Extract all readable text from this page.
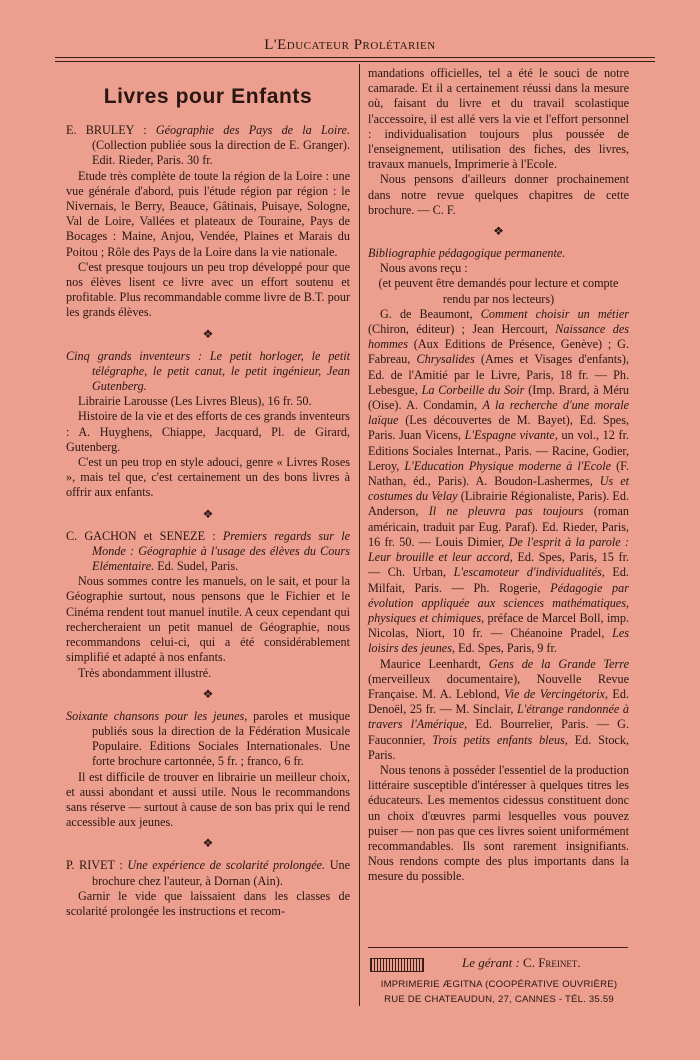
L'Educateur Prolétarien
Livres pour Enfants
E. BRULEY : Géographie des Pays de la Loire. (Collection publiée sous la direction de E. Granger). Edit. Rieder, Paris. 30 fr.

Etude très complète de toute la région de la Loire : une vue générale d'abord, puis l'étude région par région : le Nivernais, le Berry, Beauce, Gâtinais, Puisaye, Sologne, Val de Loire, Vallées et plateaux de Touraine, Pays de Bocages : Maine, Anjou, Vendée, Plaines et Marais du Poitou ; Rôle des Pays de la Loire dans la vie nationale.

C'est presque toujours un peu trop développé pour que nos élèves lisent ce livre avec un effort soutenu et profitable. Plus recommandable comme livre de B.T. pour les grands élèves.

❖
Cinq grands inventeurs : Le petit horloger, le petit télégraphe, le petit canut, le petit ingénieur, Jean Gutenberg.

Librairie Larousse (Les Livres Bleus), 16 fr. 50.

Histoire de la vie et des efforts de ces grands inventeurs : A. Huyghens, Chiappe, Jacquard, Pl. de Girard, Gutenberg.

C'est un peu trop en style adouci, genre « Livres Roses », mais tel que, c'est certainement un des bons livres à offrir aux enfants.

❖
C. GACHON et SENEZE : Premiers regards sur le Monde : Géographie à l'usage des élèves du Cours Elémentaire. Ed. Sudel, Paris.

Nous sommes contre les manuels, on le sait, et pour la Géographie surtout, nous pensons que le Fichier et le Cinéma rendent tout manuel inutile. A ceux cependant qui rechercheraient un petit manuel de Géographie, nous recommandons celui-ci, qui a été considérablement simplifié et adapté à nos enfants.

Très abondamment illustré.

❖
Soixante chansons pour les jeunes, paroles et musique publiés sous la direction de la Fédération Musicale Populaire. Editions Sociales Internationales. Une forte brochure cartonnée, 5 fr. ; franco, 6 fr.

Il est difficile de trouver en librairie un meilleur choix, et aussi abondant et aussi utile. Nous le recommandons sans réserve — surtout à cause de son bas prix qui le rend accessible aux jeunes.

❖
P. RIVET : Une expérience de scolarité prolongée. Une brochure chez l'auteur, à Dornan (Ain).

Garnir le vide que laissaient dans les classes de scolarité prolongée les instructions et recom-

mandations officielles, tel a été le souci de notre camarade. Et il a certainement réussi dans la mesure où, faisant du livre et du travail scolastique l'accessoire, il est allé vers la vie et l'effort personnel : individualisation toujours plus poussée de l'enseignement, utilisation des fiches, des livres, travaux manuels, Imprimerie à l'Ecole.

Nous pensons d'ailleurs donner prochainement dans notre revue quelques chapitres de cette brochure. — C. F.

❖
Bibliographie pédagogique permanente.

Nous avons reçu :

(et peuvent être demandés pour lecture et compte rendu par nos lecteurs)

G. de Beaumont, Comment choisir un métier (Chiron, éditeur) ; Jean Hercourt, Naissance des hommes (Aux Editions de Présence, Genève) ; G. Fabreau, Chrysalides (Ames et Visages d'enfants), Ed. de l'Amitié par le Livre, Paris, 18 fr. — Ph. Lebesgue, La Corbeille du Soir (Imp. Brard, à Méru (Oise). A. Condamin, A la recherche d'une morale laïque (Les découvertes de M. Bayet), Ed. Spes, Paris. Juan Vicens, L'Espagne vivante, un vol., 12 fr. Editions Sociales Internat., Paris. — Racine, Godier, Leroy, L'Education Physique moderne à l'Ecole (F. Nathan, éd., Paris). A. Boudon-Lashermes, Us et costumes du Velay (Librairie Régionaliste, Paris). Ed. Anderson, Il ne pleuvra pas toujours (roman américain, traduit par Eug. Paraf). Ed. Rieder, Paris, 16 fr. 50. — Louis Dimier, De l'esprit à la parole : Leur brouille et leur accord, Ed. Spes, Paris, 15 fr. — Ch. Urban, L'escamoteur d'individualités, Ed. Milfait, Paris. — Ph. Rogerie, Pédagogie par évolution appliquée aux sciences mathématiques, physiques et chimiques, préface de Marcel Boll, imp. Nicolas, Niort, 10 fr. — Chéanoine Pradel, Les loisirs des jeunes, Ed. Spes, Paris, 9 fr.

Maurice Leenhardt, Gens de la Grande Terre (merveilleux documentaire), Nouvelle Revue Française. M. A. Leblond, Vie de Vercingétorix, Ed. Denoël, 25 fr. — M. Sinclair, L'étrange randonnée à travers l'Amérique, Ed. Bourrelier, Paris. — G. Fauconnier, Trois petits enfants bleus, Ed. Stock, Paris.

Nous tenons à posséder l'essentiel de la production littéraire susceptible d'intéresser à quelques titres les éducateurs. Les mementos cidessus constituent donc un choix d'œuvres parmi lesquelles vous pouvez puiser — non pas que ces livres soient uniformément recommandables. Ils sont rarement insignifiants. Nous rendons compte des plus importants dans la mesure du possible.

Le gérant : C. Freinet.
IMPRIMERIE ÆGITNA (COOPÉRATIVE OUVRIÈRE)
RUE DE CHATEAUDUN, 27, CANNES - TÉL. 35.59
